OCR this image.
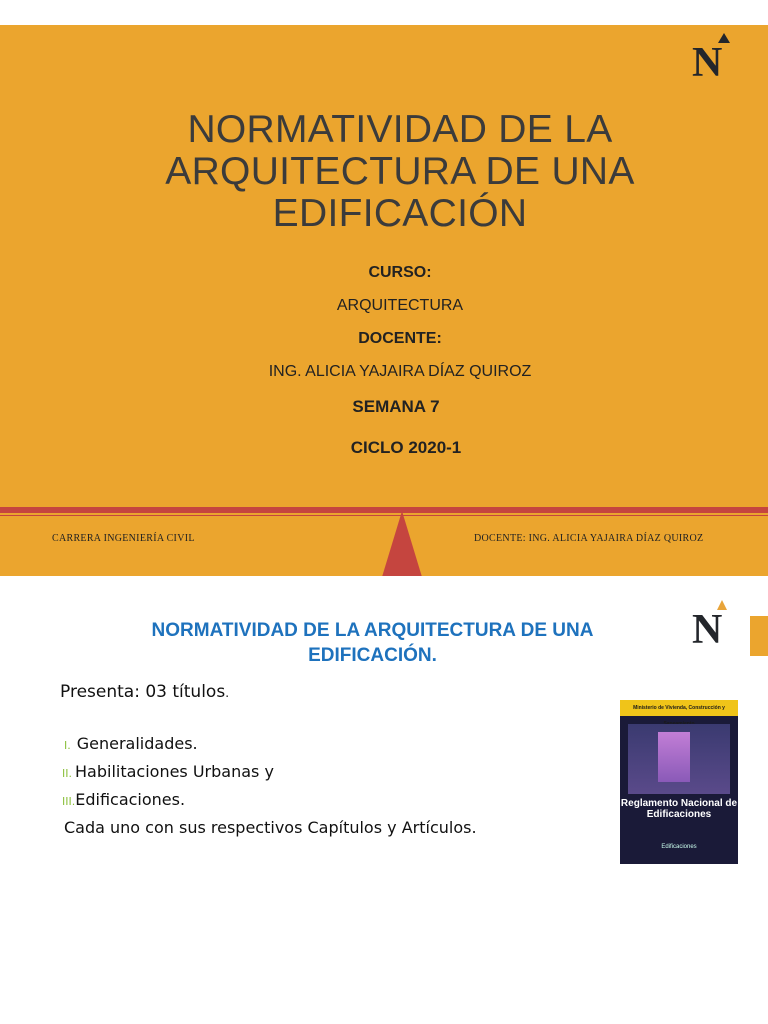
N
NORMATIVIDAD DE LA ARQUITECTURA DE UNA EDIFICACIÓN
CURSO:
ARQUITECTURA
DOCENTE:
ING. ALICIA YAJAIRA DÍAZ QUIROZ
SEMANA 7
CICLO 2020-1
CARRERA INGENIERÍA CIVIL	DOCENTE: ING. ALICIA YAJAIRA DÍAZ QUIROZ
N
NORMATIVIDAD DE LA ARQUITECTURA DE UNA EDIFICACIÓN.
Presenta: 03 títulos.
I. Generalidades.
II. Habilitaciones Urbanas y
III.Edificaciones.
Cada uno con sus respectivos Capítulos y Artículos.
Ministerio de Vivienda, Construcción y
Reglamento Nacional de Edificaciones
Edificaciones
